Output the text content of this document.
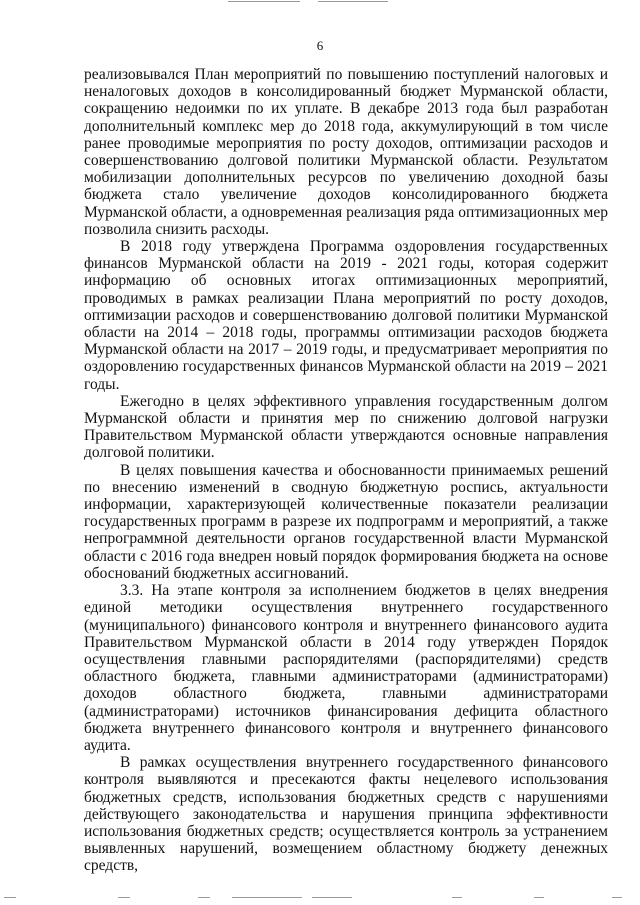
6

реализовывался План мероприятий по повышению поступлений налоговых и неналоговых доходов в консолидированный бюджет Мурманской области, сокращению недоимки по их уплате. В декабре 2013 года был разработан дополнительный комплекс мер до 2018 года, аккумулирующий в том числе ранее проводимые мероприятия по росту доходов, оптимизации расходов и совершенствованию долговой политики Мурманской области. Результатом мобилизации дополнительных ресурсов по увеличению доходной базы бюджета стало увеличение доходов консолидированного бюджета Мурманской области, а одновременная реализация ряда оптимизационных мер позволила снизить расходы.

В 2018 году утверждена Программа оздоровления государственных финансов Мурманской области на 2019 - 2021 годы, которая содержит информацию об основных итогах оптимизационных мероприятий, проводимых в рамках реализации Плана мероприятий по росту доходов, оптимизации расходов и совершенствованию долговой политики Мурманской области на 2014 – 2018 годы, программы оптимизации расходов бюджета Мурманской области на 2017 – 2019 годы, и предусматривает мероприятия по оздоровлению государственных финансов Мурманской области на 2019 – 2021 годы.

Ежегодно в целях эффективного управления государственным долгом Мурманской области и принятия мер по снижению долговой нагрузки Правительством Мурманской области утверждаются основные направления долговой политики.

В целях повышения качества и обоснованности принимаемых решений по внесению изменений в сводную бюджетную роспись, актуальности информации, характеризующей количественные показатели реализации государственных программ в разрезе их подпрограмм и мероприятий, а также непрограммной деятельности органов государственной власти Мурманской области с 2016 года внедрен новый порядок формирования бюджета на основе обоснований бюджетных ассигнований.

3.3. На этапе контроля за исполнением бюджетов в целях внедрения единой методики осуществления внутреннего государственного (муниципального) финансового контроля и внутреннего финансового аудита Правительством Мурманской области в 2014 году утвержден Порядок осуществления главными распорядителями (распорядителями) средств областного бюджета, главными администраторами (администраторами) доходов областного бюджета, главными администраторами (администраторами) источников финансирования дефицита областного бюджета внутреннего финансового контроля и внутреннего финансового аудита.

В рамках осуществления внутреннего государственного финансового контроля выявляются и пресекаются факты нецелевого использования бюджетных средств, использования бюджетных средств с нарушениями действующего законодательства и нарушения принципа эффективности использования бюджетных средств; осуществляется контроль за устранением выявленных нарушений, возмещением областному бюджету денежных средств,
